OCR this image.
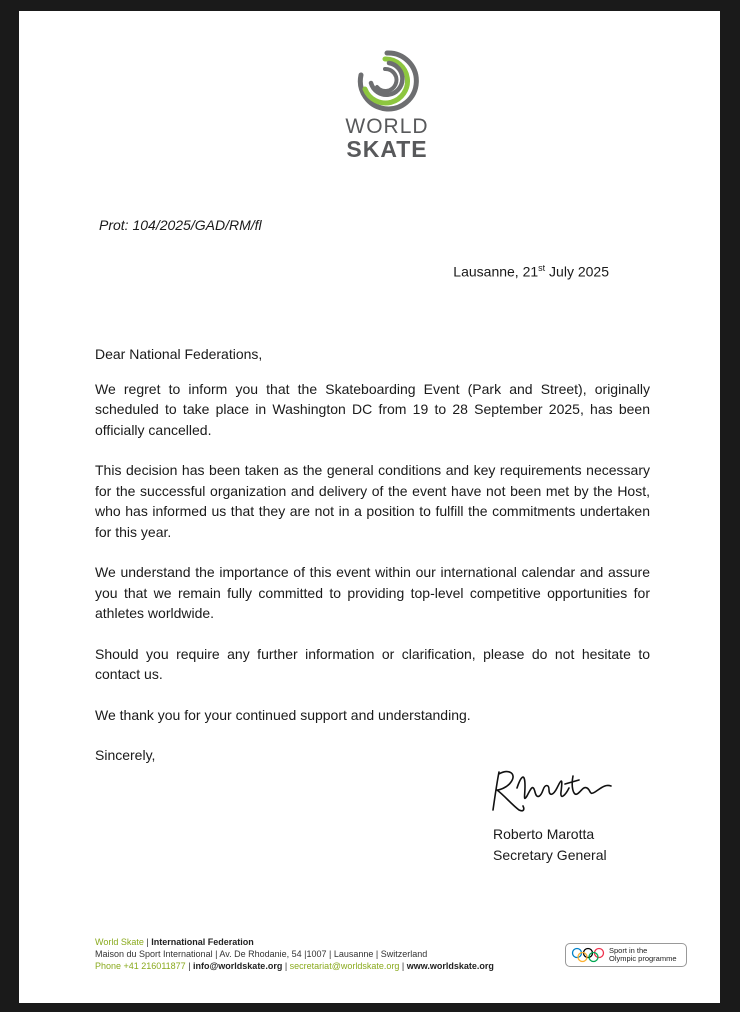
WORLD
SKATE
Prot: 104/2025/GAD/RM/fl
Lausanne, 21st July 2025

Dear National Federations,

We regret to inform you that the Skateboarding Event (Park and Street), originally scheduled to take place in Washington DC from 19 to 28 September 2025, has been officially cancelled.

This decision has been taken as the general conditions and key requirements necessary for the successful organization and delivery of the event have not been met by the Host, who has informed us that they are not in a position to fulfill the commitments undertaken for this year.

We understand the importance of this event within our international calendar and assure you that we remain fully committed to providing top-level competitive opportunities for athletes worldwide.

Should you require any further information or clarification, please do not hesitate to contact us.

We thank you for your continued support and understanding.

Sincerely,

Roberto Marotta
Secretary General
World Skate | International Federation
Maison du Sport International | Av. De Rhodanie, 54 |1007 | Lausanne | Switzerland
Phone +41 216011877 | info@worldskate.org | secretariat@worldskate.org | www.worldskate.org
Sport in the
Olympic programme
